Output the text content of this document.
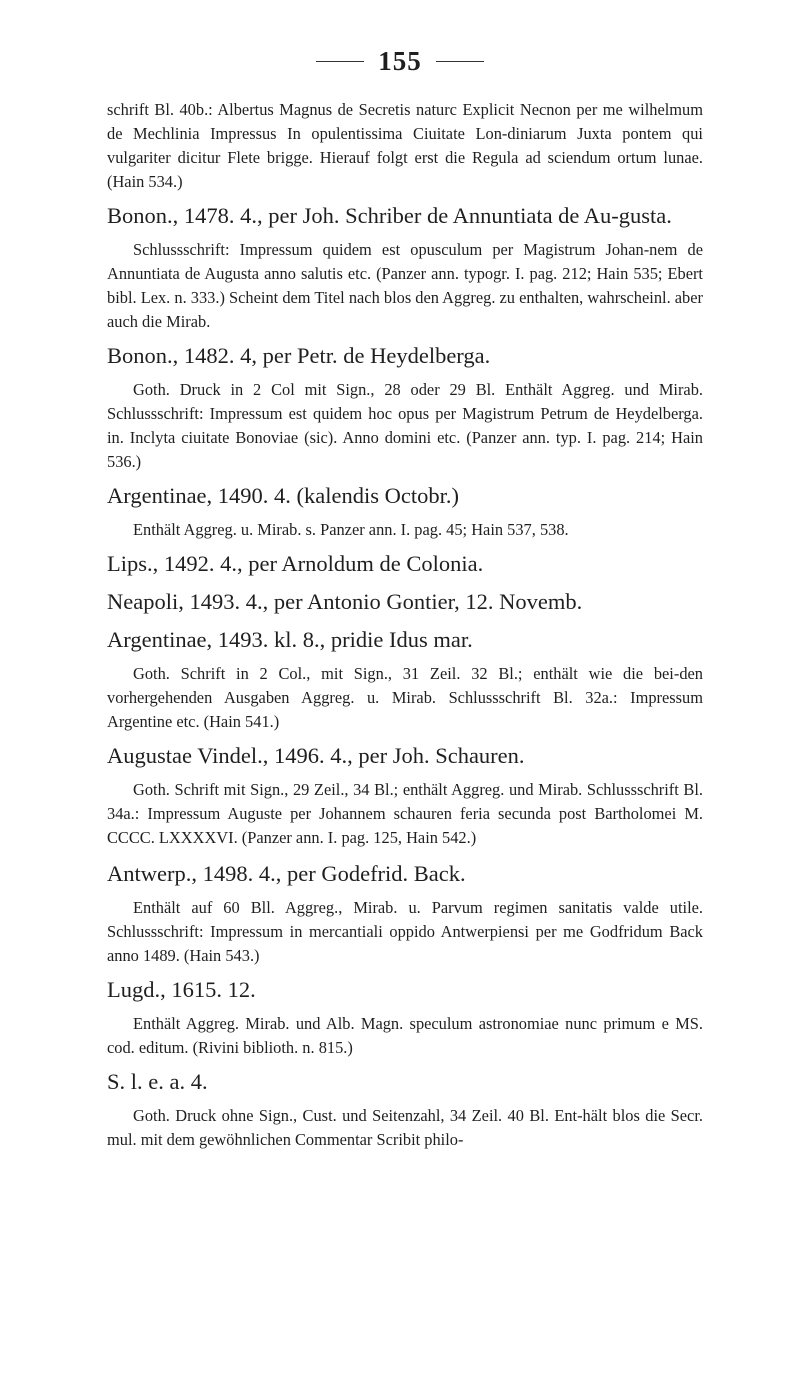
155

schrift Bl. 40b.: Albertus Magnus de Secretis naturc Explicit Necnon per me wilhelmum de Mechlinia Impressus In opulentissima Ciuitate Lon-diniarum Juxta pontem qui vulgariter dicitur Flete brigge. Hierauf folgt erst die Regula ad sciendum ortum lunae. (Hain 534.)

Bonon., 1478. 4., per Joh. Schriber de Annuntiata de Au-gusta.

Schlussschrift: Impressum quidem est opusculum per Magistrum Johan-nem de Annuntiata de Augusta anno salutis etc. (Panzer ann. typogr. I. pag. 212; Hain 535; Ebert bibl. Lex. n. 333.) Scheint dem Titel nach blos den Aggreg. zu enthalten, wahrscheinl. aber auch die Mirab.

Bonon., 1482. 4, per Petr. de Heydelberga.

Goth. Druck in 2 Col mit Sign., 28 oder 29 Bl. Enthält Aggreg. und Mirab. Schlussschrift: Impressum est quidem hoc opus per Magistrum Petrum de Heydelberga. in. Inclyta ciuitate Bonoviae (sic). Anno domini etc. (Panzer ann. typ. I. pag. 214; Hain 536.)

Argentinae, 1490. 4. (kalendis Octobr.)

Enthält Aggreg. u. Mirab. s. Panzer ann. I. pag. 45; Hain 537, 538.

Lips., 1492. 4., per Arnoldum de Colonia.

Neapoli, 1493. 4., per Antonio Gontier, 12. Novemb.

Argentinae, 1493. kl. 8., pridie Idus mar.

Goth. Schrift in 2 Col., mit Sign., 31 Zeil. 32 Bl.; enthält wie die bei-den vorhergehenden Ausgaben Aggreg. u. Mirab. Schlussschrift Bl. 32a.: Impressum Argentine etc. (Hain 541.)

Augustae Vindel., 1496. 4., per Joh. Schauren.

Goth. Schrift mit Sign., 29 Zeil., 34 Bl.; enthält Aggreg. und Mirab. Schlussschrift Bl. 34a.: Impressum Auguste per Johannem schauren feria secunda post Bartholomei M. CCCC. LXXXXVI. (Panzer ann. I. pag. 125, Hain 542.)

Antwerp., 1498. 4., per Godefrid. Back.

Enthält auf 60 Bll. Aggreg., Mirab. u. Parvum regimen sanitatis valde utile. Schlussschrift: Impressum in mercantiali oppido Antwerpiensi per me Godfridum Back anno 1489. (Hain 543.)

Lugd., 1615. 12.

Enthält Aggreg. Mirab. und Alb. Magn. speculum astronomiae nunc primum e MS. cod. editum. (Rivini biblioth. n. 815.)

S. l. e. a. 4.

Goth. Druck ohne Sign., Cust. und Seitenzahl, 34 Zeil. 40 Bl. Ent-hält blos die Secr. mul. mit dem gewöhnlichen Commentar Scribit philo-
